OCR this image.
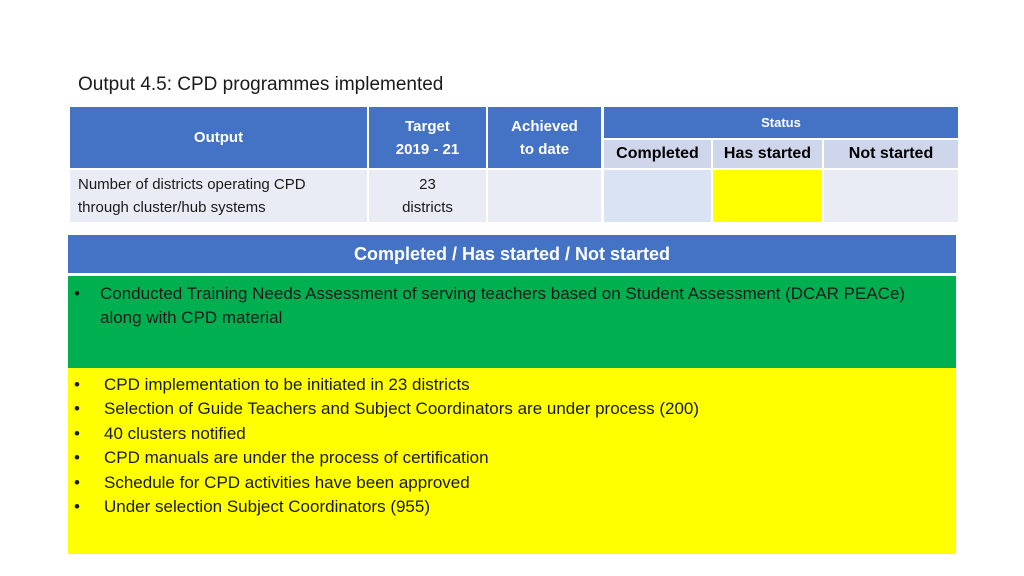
Output 4.5: CPD programmes implemented
Output
Target
2019 - 21
Achieved
to date
Status
Completed	Has started	Not started
Number of districts operating CPD
through cluster/hub systems
23
districts
Completed / Has started / Not started
• Conducted Training Needs Assessment of serving teachers based on Student Assessment (DCAR PEACe) along with CPD material
• CPD implementation to be initiated in 23 districts
• Selection of Guide Teachers and Subject Coordinators are under process (200)
• 40 clusters notified
• CPD manuals are under the process of certification
• Schedule for CPD activities have been approved
• Under selection Subject Coordinators (955)
